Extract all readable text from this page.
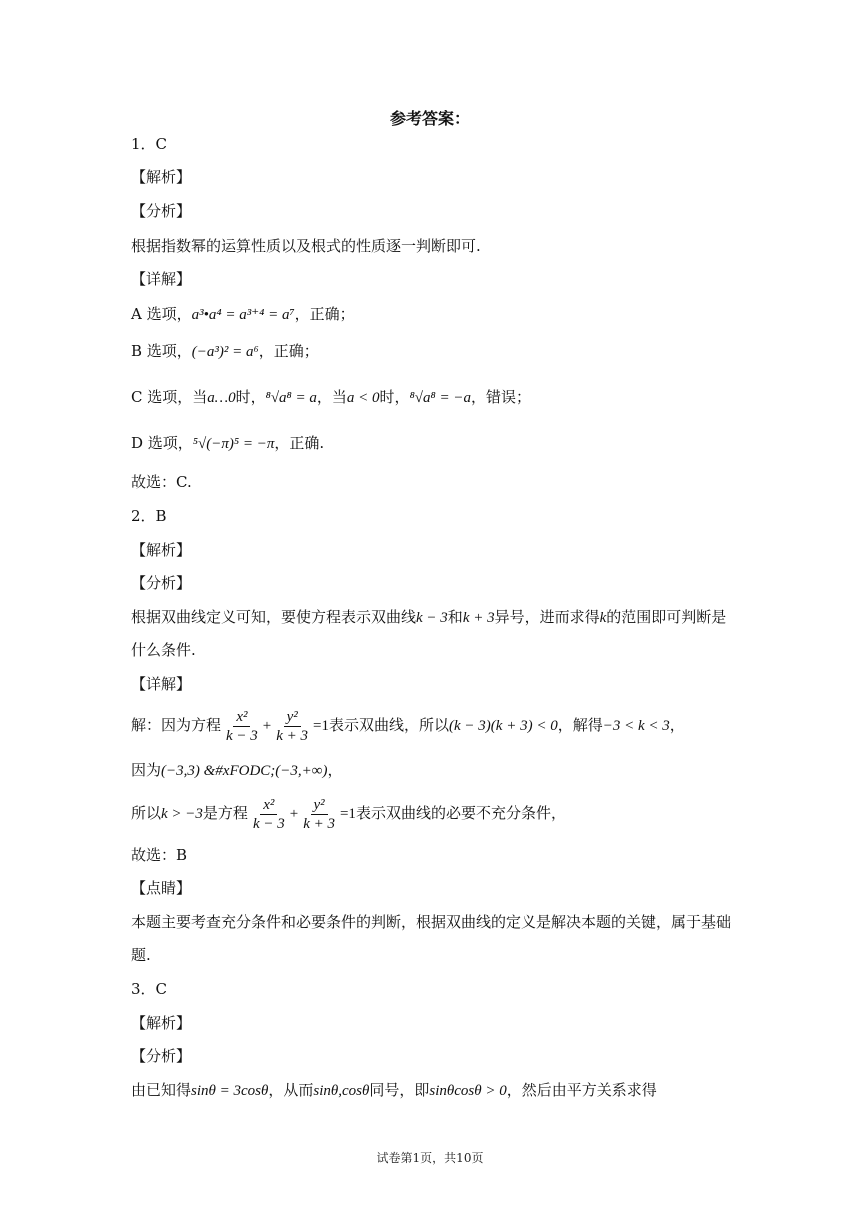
参考答案：
1．C
【解析】
【分析】
根据指数幂的运算性质以及根式的性质逐一判断即可.
【详解】
A 选项，a³•a⁴ = a³⁺⁴ = a⁷，正确；
B 选项，(−a³)² = a⁶，正确；
C 选项，当a…0时，⁸√a⁸ = a，当a < 0时，⁸√a⁸ = −a，错误；
D 选项，⁵√(−π)⁵ = −π，正确.
故选：C.
2．B
【解析】
【分析】
根据双曲线定义可知，要使方程表示双曲线k − 3和k + 3异号，进而求得k的范围即可判断是
什么条件.
【详解】
解：因为方程 $\frac{\text{x²}}{k - 3} + \frac{\text{y²}}{k + 3} =1$表示双曲线，所以(k − 3)(k + 3) < 0，解得−3 < k < 3，
因为(−3,3) &#xFODC;(−3,+∞)，
所以k > −3是方程 $\frac{\text{x²}}{k - 3} + \frac{\text{y²}}{k + 3} =1$表示双曲线的必要不充分条件，
故选：B
【点睛】
本题主要考查充分条件和必要条件的判断，根据双曲线的定义是解决本题的关键，属于基础
题.
3．C
【解析】
【分析】
由已知得sinθ = 3cosθ，从而sinθ,cosθ同号，即sinθcosθ > 0，然后由平方关系求得
试卷第1页，共10页
